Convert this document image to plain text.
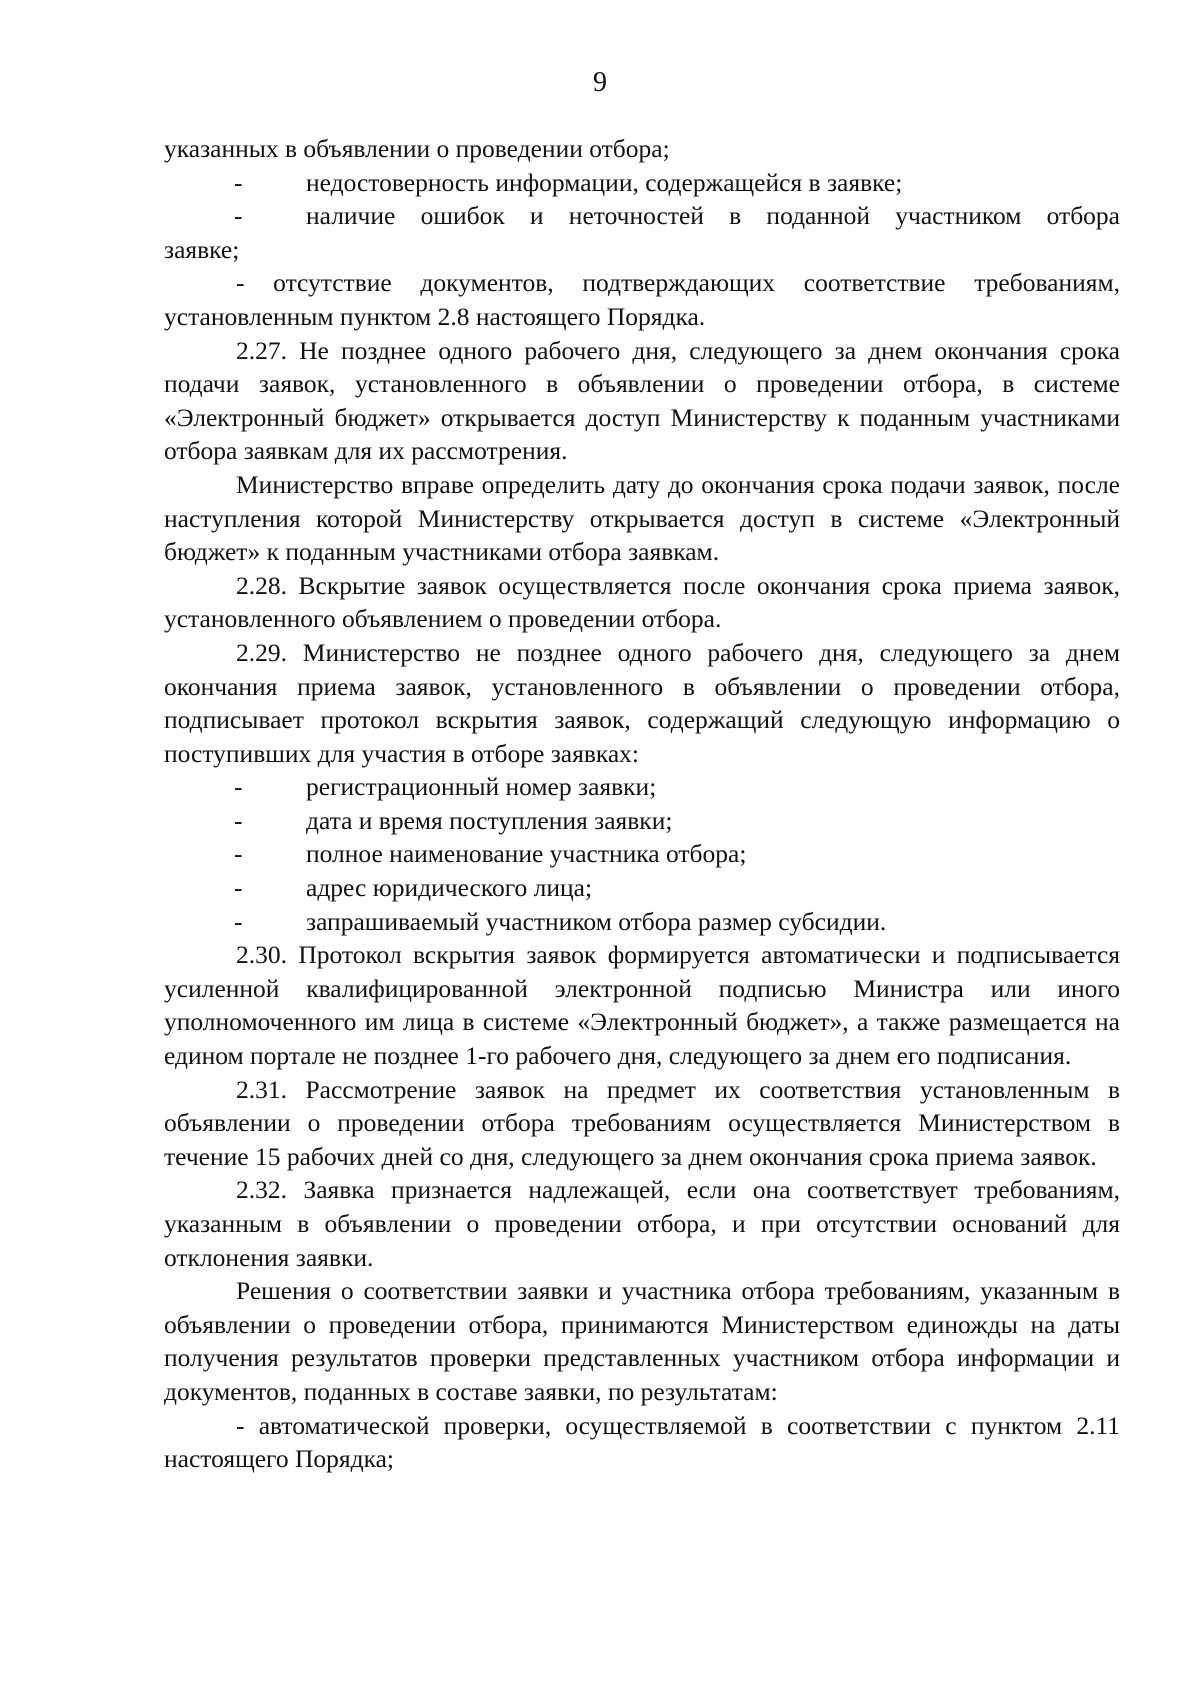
9

указанных в объявлении о проведении отбора;

-	недостоверность информации, содержащейся в заявке;
-	наличие ошибок и неточностей в поданной участником отбора

заявке;

- отсутствие документов, подтверждающих соответствие требованиям, установленным пунктом 2.8 настоящего Порядка.

2.27. Не позднее одного рабочего дня, следующего за днем окончания срока подачи заявок, установленного в объявлении о проведении отбора, в системе «Электронный бюджет» открывается доступ Министерству к поданным участниками отбора заявкам для их рассмотрения.

Министерство вправе определить дату до окончания срока подачи заявок, после наступления которой Министерству открывается доступ в системе «Электронный бюджет» к поданным участниками отбора заявкам.

2.28. Вскрытие заявок осуществляется после окончания срока приема заявок, установленного объявлением о проведении отбора.

2.29. Министерство не позднее одного рабочего дня, следующего за днем окончания приема заявок, установленного в объявлении о проведении отбора, подписывает протокол вскрытия заявок, содержащий следующую информацию о поступивших для участия в отборе заявках:

-	регистрационный номер заявки;
-	дата и время поступления заявки;
-	полное наименование участника отбора;
-	адрес юридического лица;
-	запрашиваемый участником отбора размер субсидии.

2.30. Протокол вскрытия заявок формируется автоматически и подписывается усиленной квалифицированной электронной подписью Министра или иного уполномоченного им лица в системе «Электронный бюджет», а также размещается на едином портале не позднее 1-го рабочего дня, следующего за днем его подписания.

2.31. Рассмотрение заявок на предмет их соответствия установленным в объявлении о проведении отбора требованиям осуществляется Министерством в течение 15 рабочих дней со дня, следующего за днем окончания срока приема заявок.

2.32. Заявка признается надлежащей, если она соответствует требованиям, указанным в объявлении о проведении отбора, и при отсутствии оснований для отклонения заявки.

Решения о соответствии заявки и участника отбора требованиям, указанным в объявлении о проведении отбора, принимаются Министерством единожды на даты получения результатов проверки представленных участником отбора информации и документов, поданных в составе заявки, по результатам:

- автоматической проверки, осуществляемой в соответствии с пунктом 2.11 настоящего Порядка;
